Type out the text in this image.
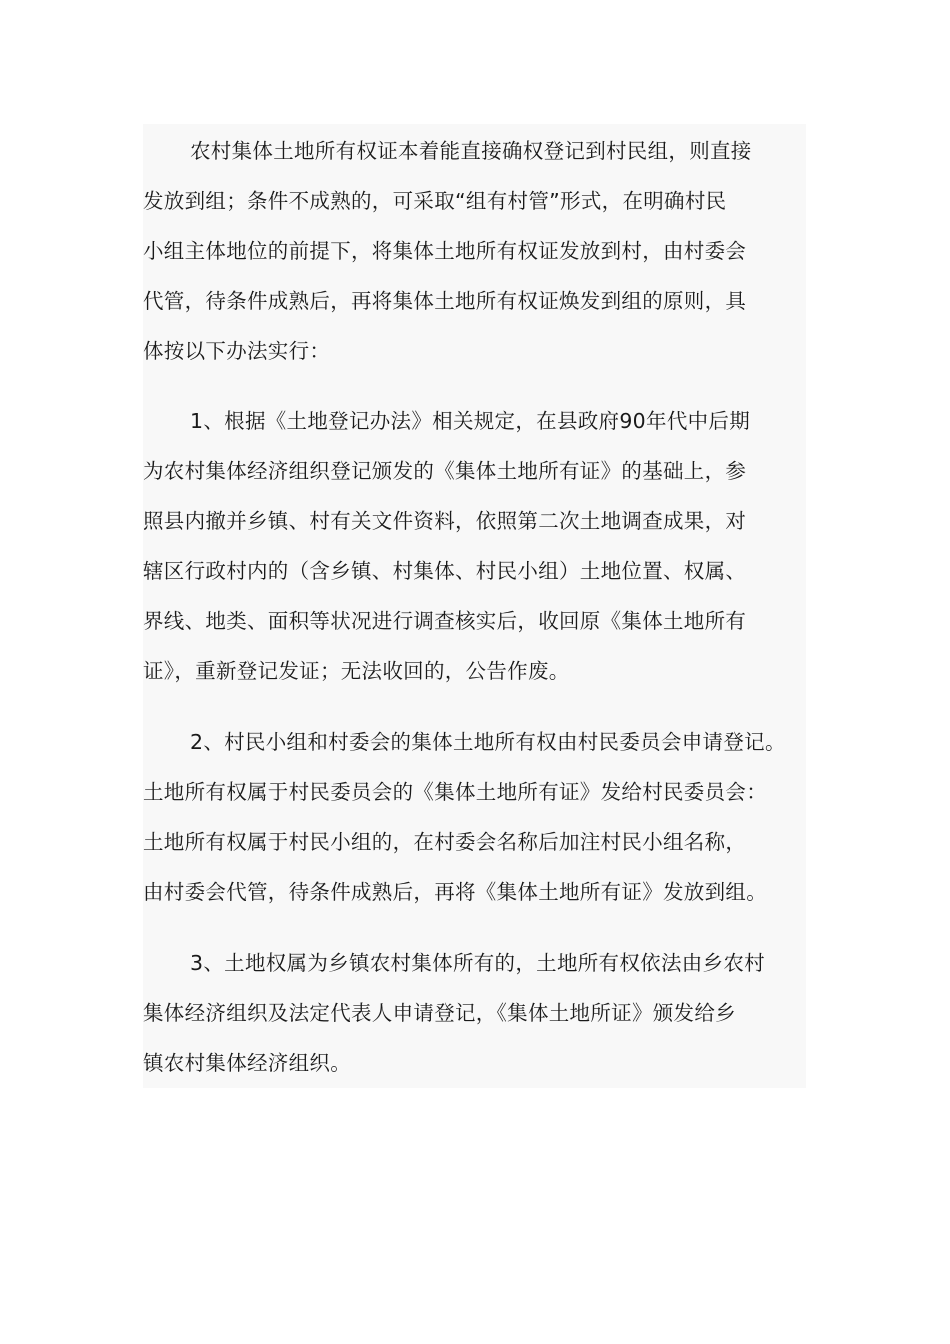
农村集体土地所有权证本着能直接确权登记到村民组，则直接
发放到组；条件不成熟的，可采取“组有村管”形式，在明确村民
小组主体地位的前提下，将集体土地所有权证发放到村，由村委会
代管，待条件成熟后，再将集体土地所有权证焕发到组的原则，具
体按以下办法实行：
1、根据《土地登记办法》相关规定，在县政府90年代中后期
为农村集体经济组织登记颁发的《集体土地所有证》的基础上，参
照县内撤并乡镇、村有关文件资料，依照第二次土地调查成果，对
辖区行政村内的（含乡镇、村集体、村民小组）土地位置、权属、
界线、地类、面积等状况进行调查核实后，收回原《集体土地所有
证》，重新登记发证；无法收回的，公告作废。
2、村民小组和村委会的集体土地所有权由村民委员会申请登记。
土地所有权属于村民委员会的《集体土地所有证》发给村民委员会：
土地所有权属于村民小组的，在村委会名称后加注村民小组名称，
由村委会代管，待条件成熟后，再将《集体土地所有证》发放到组。
3、土地权属为乡镇农村集体所有的，土地所有权依法由乡农村
集体经济组织及法定代表人申请登记，《集体土地所证》颁发给乡
镇农村集体经济组织。
